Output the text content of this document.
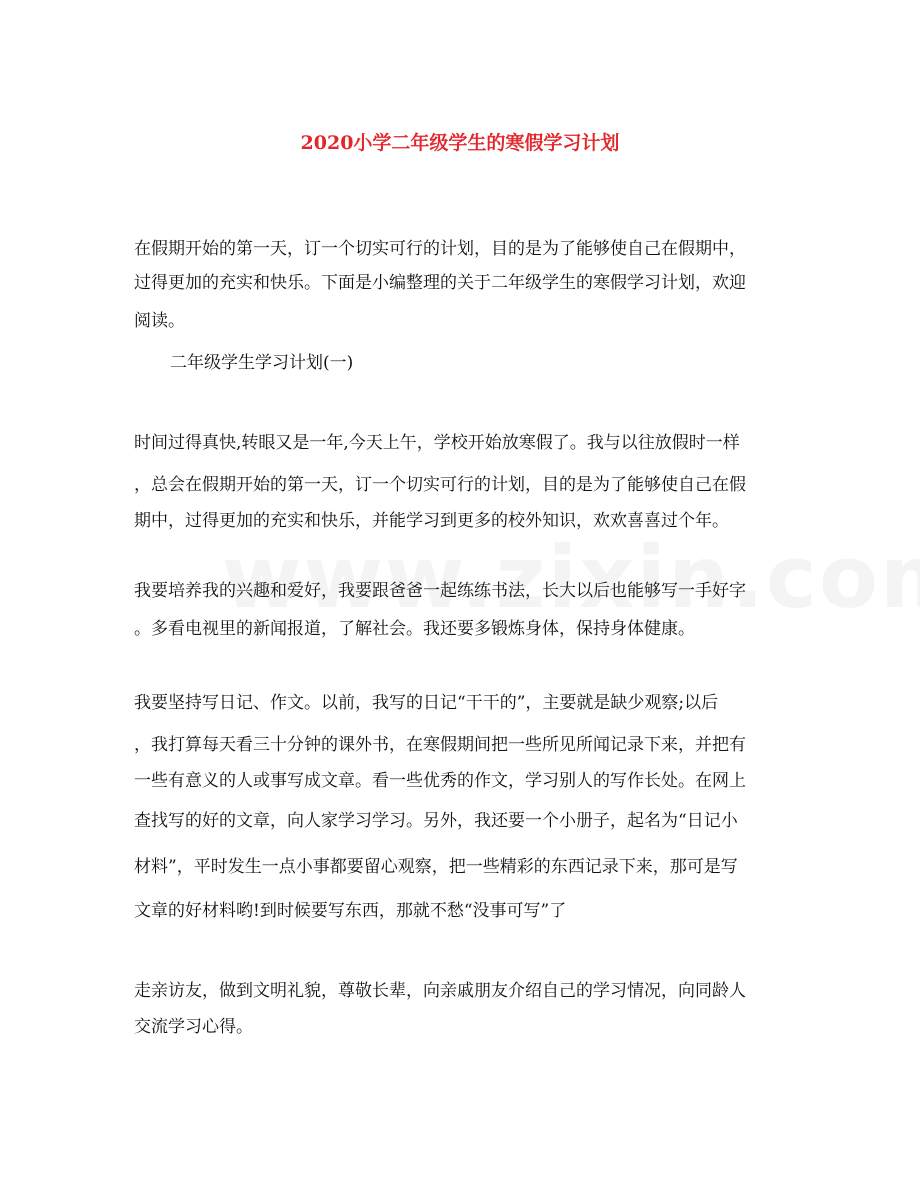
2020小学二年级学生的寒假学习计划
在假期开始的第一天，订一个切实可行的计划，目的是为了能够使自己在假期中，
过得更加的充实和快乐。下面是小编整理的关于二年级学生的寒假学习计划，欢迎
阅读。
二年级学生学习计划(一)
时间过得真快,转眼又是一年,今天上午，学校开始放寒假了。我与以往放假时一样
，总会在假期开始的第一天，订一个切实可行的计划，目的是为了能够使自己在假
期中，过得更加的充实和快乐，并能学习到更多的校外知识，欢欢喜喜过个年。
我要培养我的兴趣和爱好，我要跟爸爸一起练练书法，长大以后也能够写一手好字
。多看电视里的新闻报道，了解社会。我还要多锻炼身体，保持身体健康。
我要坚持写日记、作文。以前，我写的日记“干干的”，主要就是缺少观察;以后
，我打算每天看三十分钟的课外书，在寒假期间把一些所见所闻记录下来，并把有
一些有意义的人或事写成文章。看一些优秀的作文，学习别人的写作长处。在网上
查找写的好的文章，向人家学习学习。另外，我还要一个小册子，起名为“日记小
材料”，平时发生一点小事都要留心观察，把一些精彩的东西记录下来，那可是写
文章的好材料哟!到时候要写东西，那就不愁“没事可写”了
走亲访友，做到文明礼貌，尊敬长辈，向亲戚朋友介绍自己的学习情况，向同龄人
交流学习心得。
